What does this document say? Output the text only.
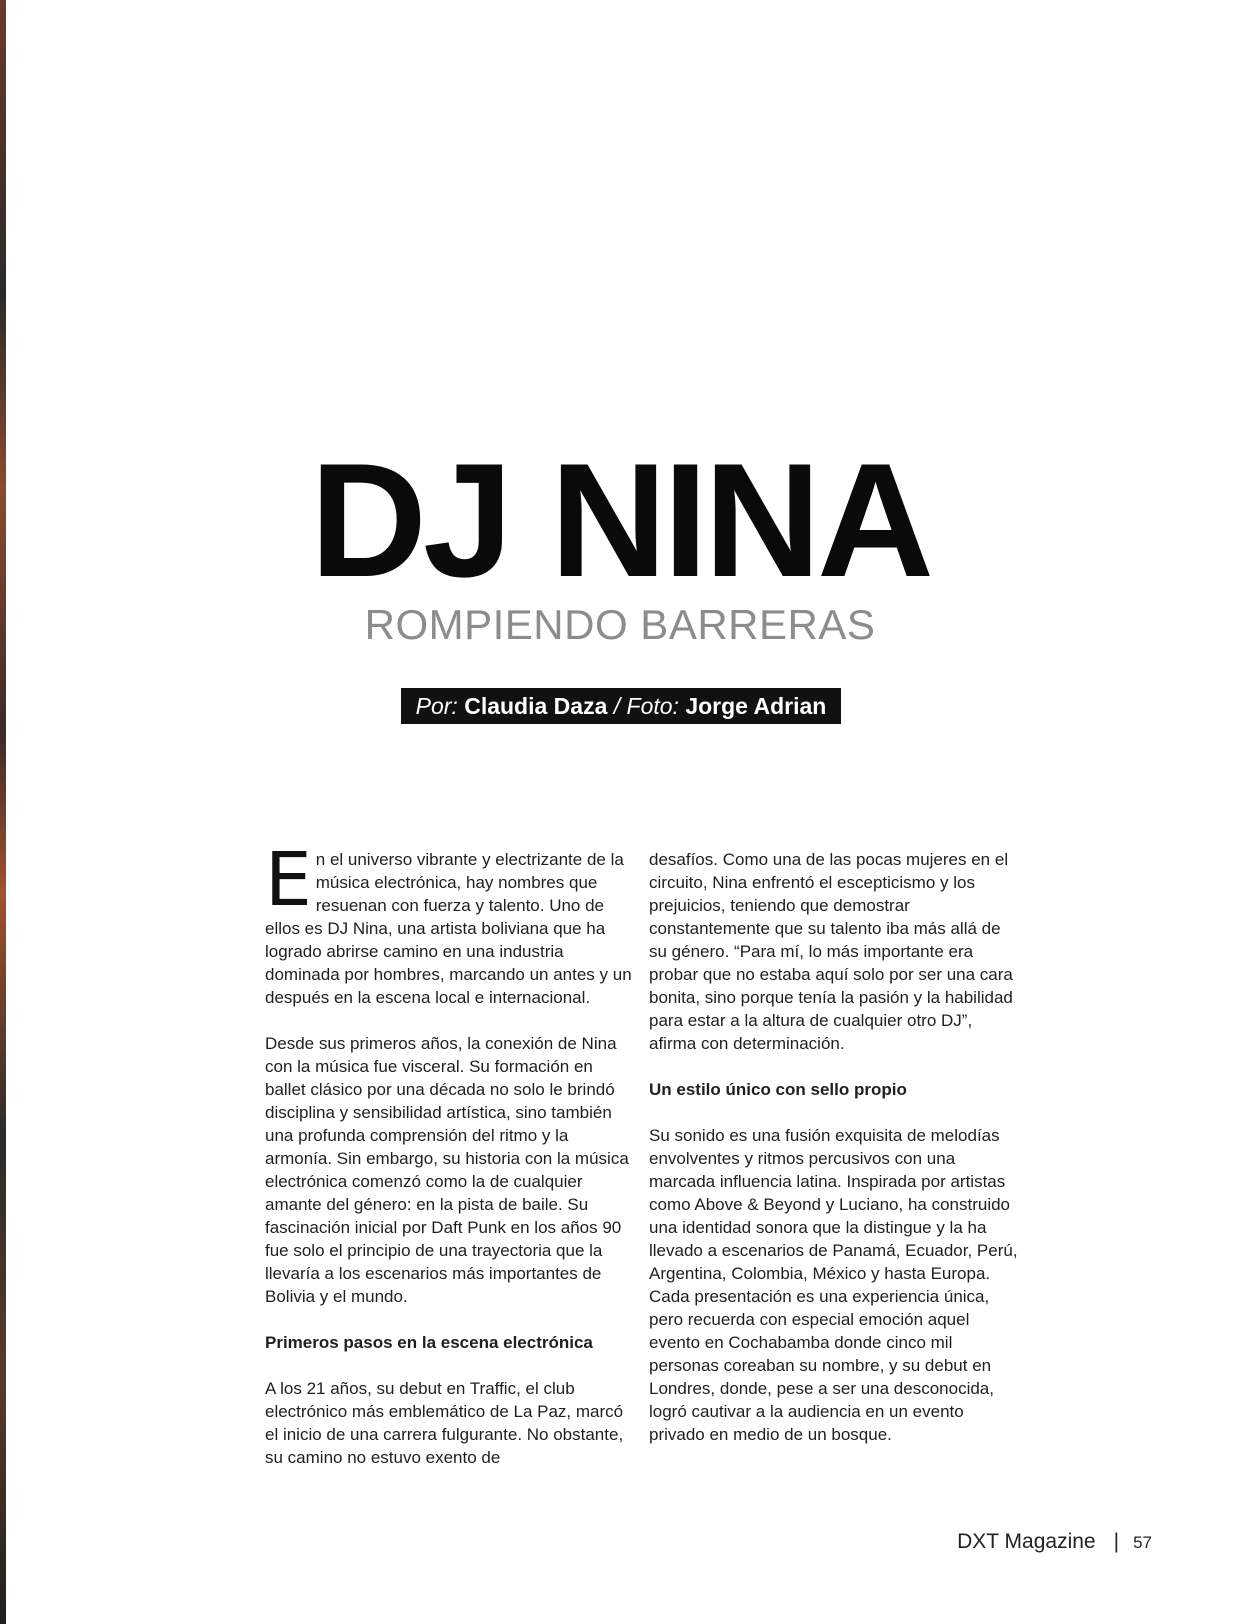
DJ NINA
ROMPIENDO BARRERAS
Por: Claudia Daza / Foto: Jorge Adrian

En el universo vibrante y electrizante de la música electrónica, hay nombres que resuenan con fuerza y talento. Uno de ellos es DJ Nina, una artista boliviana que ha logrado abrirse camino en una industria dominada por hombres, marcando un antes y un después en la escena local e internacional.

Desde sus primeros años, la conexión de Nina con la música fue visceral. Su formación en ballet clásico por una década no solo le brindó disciplina y sensibilidad artística, sino también una profunda comprensión del ritmo y la armonía. Sin embargo, su historia con la música electrónica comenzó como la de cualquier amante del género: en la pista de baile. Su fascinación inicial por Daft Punk en los años 90 fue solo el principio de una trayectoria que la llevaría a los escenarios más importantes de Bolivia y el mundo.

Primeros pasos en la escena electrónica

A los 21 años, su debut en Traffic, el club electrónico más emblemático de La Paz, marcó el inicio de una carrera fulgurante. No obstante, su camino no estuvo exento de

desafíos. Como una de las pocas mujeres en el circuito, Nina enfrentó el escepticismo y los prejuicios, teniendo que demostrar constantemente que su talento iba más allá de su género. “Para mí, lo más importante era probar que no estaba aquí solo por ser una cara bonita, sino porque tenía la pasión y la habilidad para estar a la altura de cualquier otro DJ”, afirma con determinación.

Un estilo único con sello propio

Su sonido es una fusión exquisita de melodías envolventes y ritmos percusivos con una marcada influencia latina. Inspirada por artistas como Above & Beyond y Luciano, ha construido una identidad sonora que la distingue y la ha llevado a escenarios de Panamá, Ecuador, Perú, Argentina, Colombia, México y hasta Europa. Cada presentación es una experiencia única, pero recuerda con especial emoción aquel evento en Cochabamba donde cinco mil personas coreaban su nombre, y su debut en Londres, donde, pese a ser una desconocida, logró cautivar a la audiencia en un evento privado en medio de un bosque.

DXT Magazine | 57
